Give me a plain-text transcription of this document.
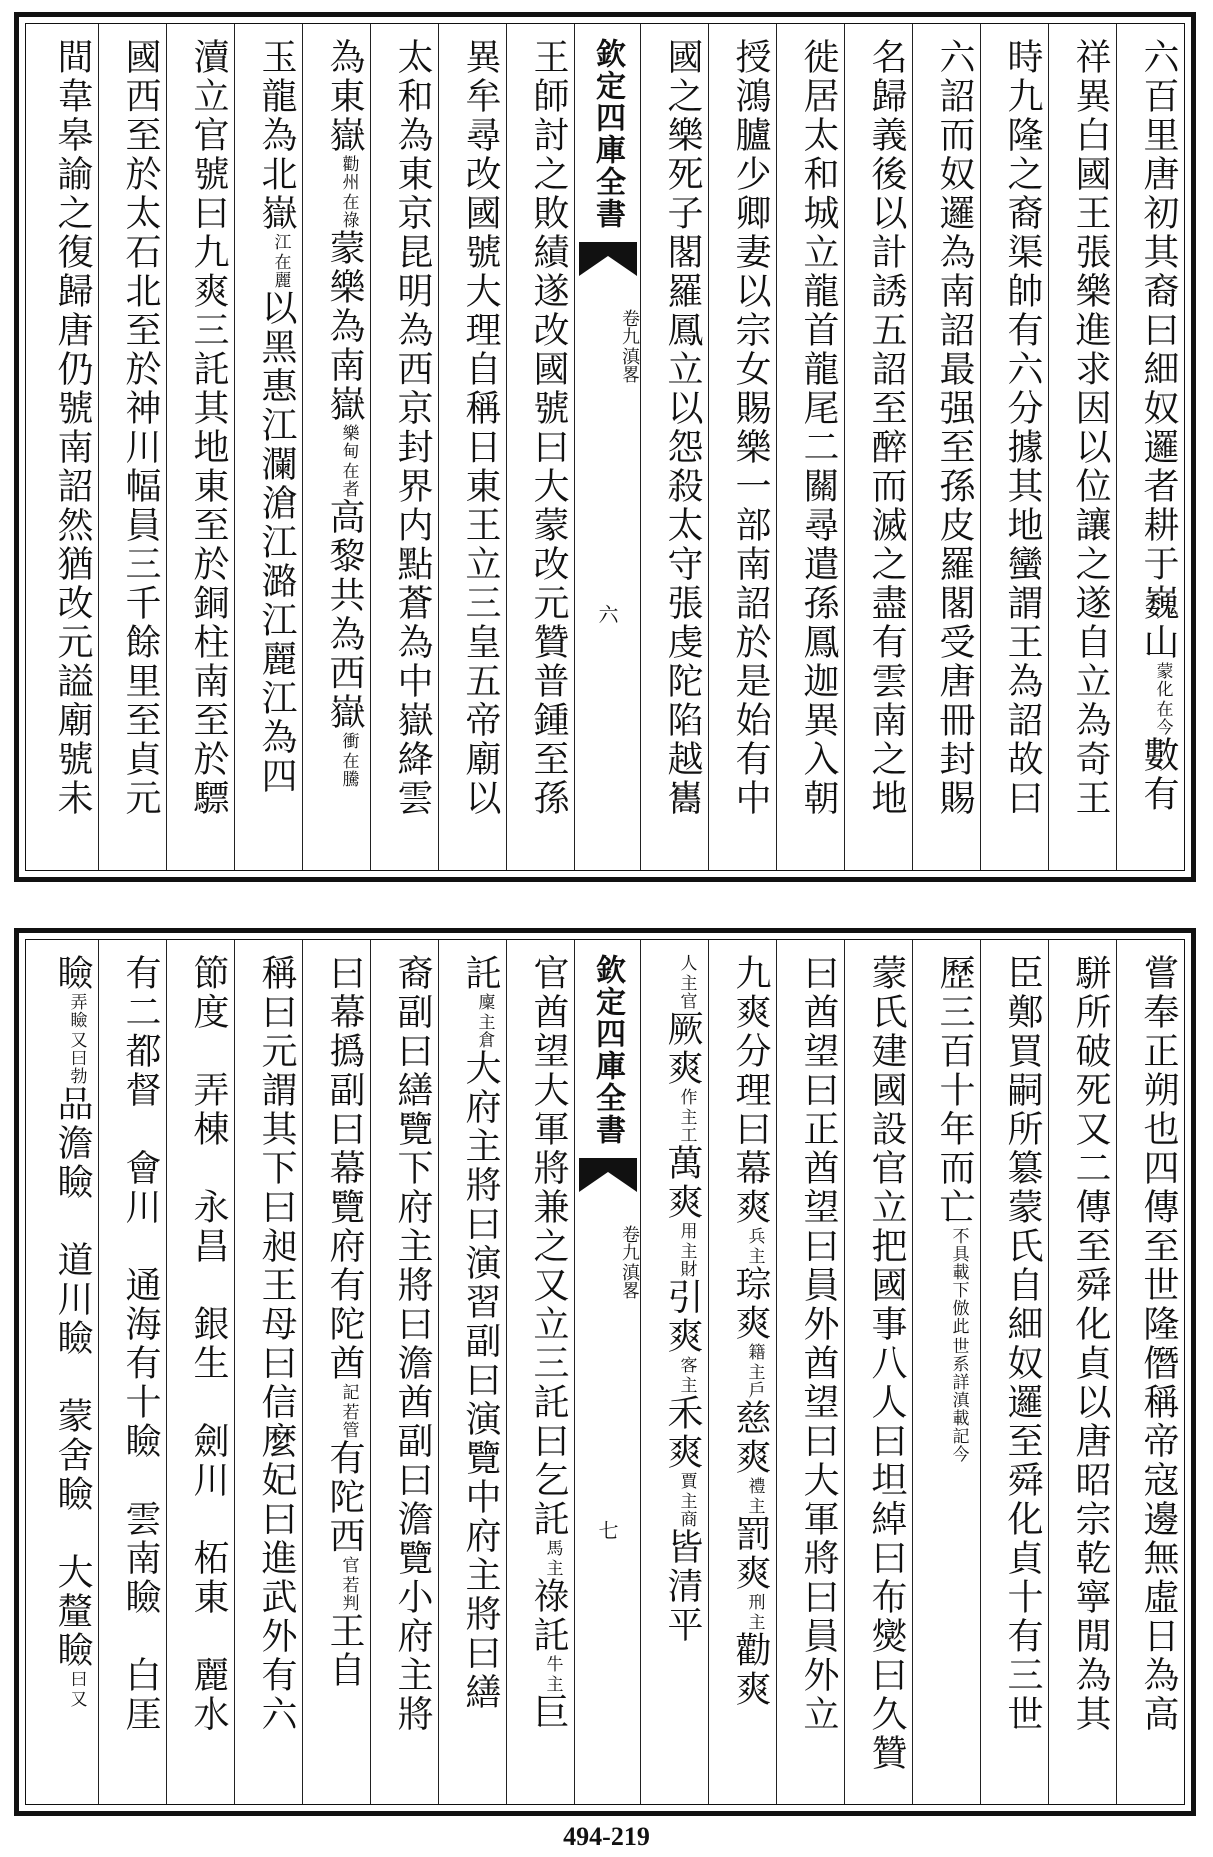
六百里唐初其裔曰細奴邏者耕于巍山
在今
蒙化
數有
祥異白國王張樂進求因以位讓之遂自立為奇王
時九隆之裔渠帥有六分據其地蠻謂王為詔故曰
六詔而奴邏為南詔最强至孫皮羅閣受唐冊封賜
名歸義後以計誘五詔至醉而滅之盡有雲南之地
徙居太和城立龍首龍尾二關尋遣孫鳳迦異入朝
授鴻臚少卿妻以宗女賜樂一部南詔於是始有中
國之樂死子閣羅鳳立以怨殺太守張虔陀陷越巂
欽定四庫全書
滇畧
卷九
六
王師討之敗績遂改國號曰大蒙改元贊普鍾至孫
異牟尋改國號大理自稱日東王立三皇五帝廟以
太和為東京昆明為西京封界内點蒼為中嶽絳雲
為東嶽
在祿
勸州
蒙樂為南嶽
在者
樂甸
高黎共為西嶽
在騰
衝
玉龍為北嶽
在麗
江
以黑惠江瀾滄江潞江麗江為四
瀆立官號曰九爽三託其地東至於銅柱南至於驃
國西至於太石北至於神川幅員三千餘里至貞元
間韋皋諭之復歸唐仍號南詔然猶改元謚廟號未
嘗奉正朔也四傳至世隆僭稱帝寇邊無虛日為高
駢所破死又二傳至舜化貞以唐昭宗乾寧閒為其
臣鄭買嗣所簒蒙氏自細奴邏至舜化貞十有三世
歷三百十年而亡
世系詳滇載記今
不具載下倣此
蒙氏建國設官立把國事八人曰坦綽曰布爕曰久贊
曰酋望曰正酋望曰員外酋望曰大軍將曰員外立
九爽分理曰幕爽
主
兵
琮爽
主戶
籍
慈爽
主
禮
罰爽
主
刑
勸爽
主官
人
厥爽
主工
作
萬爽
主財
用
引爽
主
客
禾爽
主商
賈
皆清平
欽定四庫全書
滇畧
卷九
七
官酋望大軍將兼之又立三託曰乞託
主
馬
祿託
主
牛
巨
託
主倉
廩
大府主將曰演習副曰演覽中府主將曰繕
裔副曰繕覽下府主將曰澹酋副曰澹覽小府主將
曰幕撝副曰幕覽府有陀酋
若管
記
有陀西
若判
官
王自
稱曰元謂其下曰昶王母曰信麼妃曰進武外有六
節度　弄棟　永昌　銀生　劍川　柘東　麗水
有二都督　會川　通海有十瞼　雲南瞼　白厓
瞼
又曰勃
弄瞼
品澹瞼　道川瞼　蒙舍瞼　大釐瞼
又
曰
494-219
